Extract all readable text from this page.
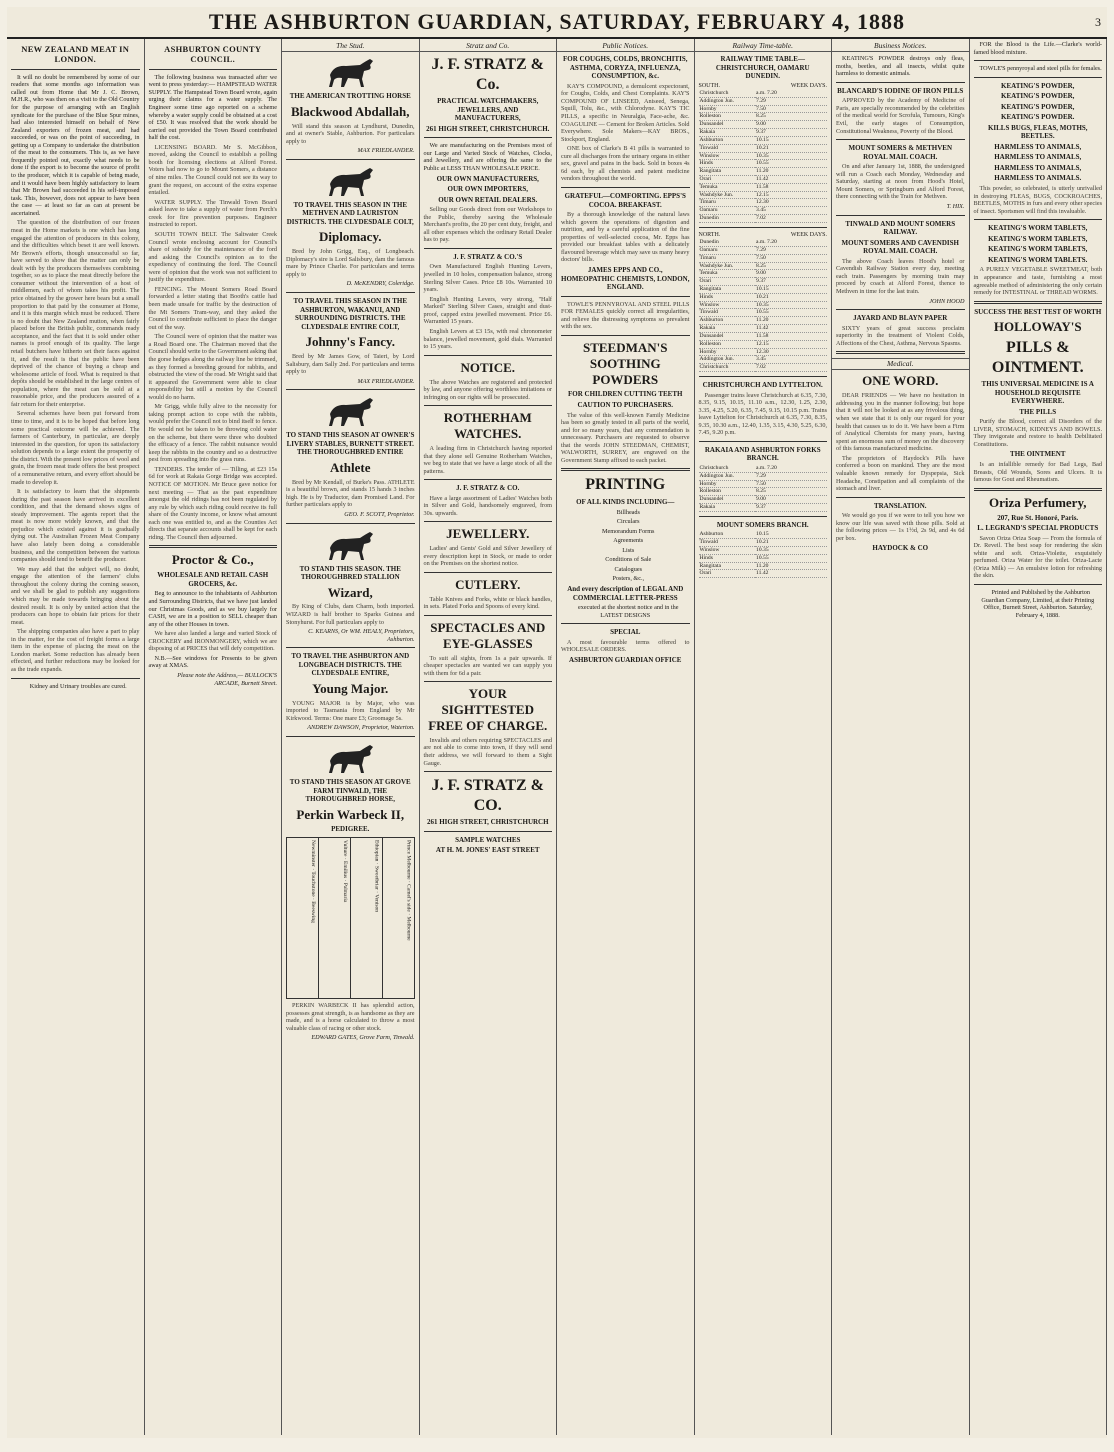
THE ASHBURTON GUARDIAN, SATURDAY, FEBRUARY 4, 1888	3
NEW ZEALAND MEAT IN LONDON.

It will no doubt be remembered by some of our readers that some months ago information was called out from Home that Mr J. C. Brown, M.H.R., who was then on a visit to the Old Country for the purpose of arranging with an English syndicate for the purchase of the Blue Spur mines, had also interested himself on behalf of New Zealand exporters of frozen meat, and had succeeded, or was on the point of succeeding, in getting up a Company to undertake the distribution of the meat to the consumers. This is, as we have frequently pointed out, exactly what needs to be done if the export is to become the source of profit to the producer, which it is capable of being made, and it would have been highly satisfactory to learn that Mr Brown had succeeded in his self-imposed task. This, however, does not appear to have been the case — at least so far as can at present be ascertained.

The question of the distribution of our frozen meat in the Home markets is one which has long engaged the attention of producers in this colony, and the difficulties which beset it are well known. Mr Brown's efforts, though unsuccessful so far, have served to show that the matter can only be dealt with by the producers themselves combining together, so as to place the meat directly before the consumer without the intervention of a host of middlemen, each of whom takes his profit. The price obtained by the grower here bears but a small proportion to that paid by the consumer at Home, and it is this margin which must be reduced. There is no doubt that New Zealand mutton, when fairly placed before the British public, commands ready acceptance, and the fact that it is sold under other names is proof enough of its quality. The large retail butchers have hitherto set their faces against it, and the result is that the public have been deprived of the chance of buying a cheap and wholesome article of food. What is required is that depôts should be established in the large centres of population, where the meat can be sold at a reasonable price, and the producers assured of a fair return for their enterprise.

Several schemes have been put forward from time to time, and it is to be hoped that before long some practical outcome will be achieved. The farmers of Canterbury, in particular, are deeply interested in the question, for upon its satisfactory solution depends to a large extent the prosperity of the district. With the present low prices of wool and grain, the frozen meat trade offers the best prospect of a remunerative return, and every effort should be made to develop it.

It is satisfactory to learn that the shipments during the past season have arrived in excellent condition, and that the demand shows signs of steady improvement. The agents report that the meat is now more widely known, and that the prejudice which existed against it is gradually dying out. The Australian Frozen Meat Company have also lately been doing a considerable business, and the competition between the various companies should tend to benefit the producer.

We may add that the subject will, no doubt, engage the attention of the farmers' clubs throughout the colony during the coming season, and we shall be glad to publish any suggestions which may be made towards bringing about the desired result. It is only by united action that the producers can hope to obtain fair prices for their meat.

The shipping companies also have a part to play in the matter, for the cost of freight forms a large item in the expense of placing the meat on the London market. Some reduction has already been effected, and further reductions may be looked for as the trade expands.

Kidney and Urinary troubles are cured.

ASHBURTON COUNTY COUNCIL.

The following business was transacted after we went to press yesterday:— HAMPSTEAD WATER SUPPLY. The Hampstead Town Board wrote, again urging their claims for a water supply. The Engineer some time ago reported on a scheme whereby a water supply could be obtained at a cost of £50. It was resolved that the work should be carried out provided the Town Board contributed half the cost.

LICENSING BOARD. Mr S. McGibbon, moved, asking the Council to establish a polling booth for licensing elections at Alford Forest. Voters had now to go to Mount Somers, a distance of nine miles. The Council could not see its way to grant the request, on account of the extra expense entailed.

WATER SUPPLY. The Tinwald Town Board asked leave to take a supply of water from Perch's creek for fire prevention purposes. Engineer instructed to report.

SOUTH TOWN BELT. The Saltwater Creek Council wrote enclosing account for Council's share of subsidy for the maintenance of the ford and asking the Council's opinion as to the expediency of continuing the ford. The Council were of opinion that the work was not sufficient to justify the expenditure.

FENCING. The Mount Somers Road Board forwarded a letter stating that Booth's cattle had been made unsafe for traffic by the destruction of the Mt Somers Tram-way, and they asked the Council to contribute sufficient to place the danger out of the way.

The Council were of opinion that the matter was a Road Board one. The Chairman moved that the Council should write to the Government asking that the gorse hedges along the railway line be trimmed, as they formed a breeding ground for rabbits, and obstructed the view of the road. Mr Wright said that it appeared the Government were able to clear responsibility but still a motion by the Council would do no harm.

Mr Grigg, while fully alive to the necessity for taking prompt action to cope with the rabbits, would prefer the Council not to bind itself to fence. He would not be taken to be throwing cold water on the scheme, but there were three who doubted the efficacy of a fence. The rabbit nuisance would keep the rabbits in the country and so a destructive pest from spreading into the grass runs.

TENDERS. The tender of — Tilling, at £23 15s 6d for work at Rakaia Gorge Bridge was accepted. NOTICE OF MOTION. Mr Bruce gave notice for next meeting — That as the past expenditure amongst the old ridings has not been regulated by any rule by which such riding could receive its full share of the County income, or know what amount each one was entitled to, and as the Counties Act directs that separate accounts shall be kept for each riding. The Council then adjourned.

Proctor & Co.,
WHOLESALE AND RETAIL CASH GROCERS, &c.

Beg to announce to the inhabitants of Ashburton and Surrounding Districts, that we have just landed our Christmas Goods, and as we buy largely for CASH, we are in a position to SELL cheaper than any of the other Houses in town.

We have also landed a large and varied Stock of CROCKERY and IRONMONGERY, which we are disposing of at PRICES that will defy competition.

N.B.—See windows for Presents to be given away at XMAS.

Please note the Address,— BULLOCK'S ARCADE, Burnett Street.

The Stud.
THE AMERICAN TROTTING HORSE
Blackwood Abdallah,

Will stand this season at Lyndhurst, Dunedin, and at owner's Stable, Ashburton. For particulars apply to

MAX FRIEDLANDER.

TO TRAVEL THIS SEASON IN THE METHVEN AND LAURISTON DISTRICTS. THE CLYDESDALE COLT,
Diplomacy.

Bred by John Grigg, Esq., of Longbeach. Diplomacy's sire is Lord Salisbury, dam the famous mare by Prince Charlie. For particulars and terms apply to

D. McKENDRY, Coleridge.

TO TRAVEL THIS SEASON IN THE ASHBURTON, WAKANUI, AND SURROUNDING DISTRICTS. THE CLYDESDALE ENTIRE COLT,
Johnny's Fancy.

Bred by Mr James Gow, of Taieri, by Lord Salisbury, dam Sally 2nd. For particulars and terms apply to

MAX FRIEDLANDER.

TO STAND THIS SEASON AT OWNER'S LIVERY STABLES, BURNETT STREET. THE THOROUGHBRED ENTIRE
Athlete

Bred by Mr Kendall, of Burke's Pass. ATHLETE is a beautiful brown, and stands 15 hands 3 inches high. He is by Traductor, dam Promised Land. For further particulars apply to

GEO. F. SCOTT, Proprietor.

TO STAND THIS SEASON. THE THOROUGHBRED STALLION
Wizard,

By King of Clubs, dam Charm, both imported. WIZARD is half brother to Sparks Guinea and Stonyhurst. For full particulars apply to

C. KEARNS, Or WM. HEALY, Proprietors, Ashburton.

TO TRAVEL THE ASHBURTON AND LONGBEACH DISTRICTS. THE CLYDESDALE ENTIRE,
Young Major.

YOUNG MAJOR is by Major, who was imported to Tasmania from England by Mr Kirkwood. Terms: One mare £3; Groomage 5s.

ANDREW DAWSON, Proprietor, Waterton.

TO STAND THIS SEASON AT GROVE FARM TINWALD, THE THOROUGHBRED HORSE,
Perkin Warbeck II,
PEDIGREE.
Newminster · Touchstone · Beeswing	Vulture · Emilius · Palmaria	Ethiopian · Sweetbriar · Venison	Prince Melbourne · Camel's side · Melbourne

PERKIN WARBECK II has splendid action, possesses great strength, is as handsome as they are made, and is a horse calculated to throw a most valuable class of racing or other stock.

EDWARD GATES, Grove Farm, Tinwald.

Stratz and Co.
J. F. STRATZ & Co.
PRACTICAL WATCHMAKERS, JEWELLERS, AND MANUFACTURERS,
261 HIGH STREET, CHRISTCHURCH.

We are manufacturing on the Premises most of our Large and Varied Stock of Watches, Clocks, and Jewellery, and are offering the same to the Public at LESS THAN WHOLESALE PRICE.

OUR OWN MANUFACTURERS,
OUR OWN IMPORTERS,
OUR OWN RETAIL DEALERS.

Selling our Goods direct from our Workshops to the Public, thereby saving the Wholesale Merchant's profits, the 20 per cent duty, freight, and all other expenses which the ordinary Retail Dealer has to pay.

J. F. STRATZ & CO.'S

Own Manufactured English Hunting Levers, jewelled in 10 holes, compensation balance, strong Sterling Silver Cases. Price £8 10s. Warranted 10 years.

English Hunting Levers, very strong, "Half Marked" Sterling Silver Cases, straight and dust-proof, capped extra jewelled movement. Price £6. Warranted 15 years.

English Levers at £3 15s, with real chronometer balance, jewelled movement, gold dials. Warranted to 15 years.

NOTICE.

The above Watches are registered and protected by law, and anyone offering worthless imitations or infringing on our rights will be prosecuted.

ROTHERHAM WATCHES.

A leading firm in Christchurch having reported that they alone sell Genuine Rotherham Watches, we beg to state that we have a large stock of all the patterns.

J. F. STRATZ & CO.

Have a large assortment of Ladies' Watches both in Silver and Gold, handsomely engraved, from 30s. upwards.

JEWELLERY.

Ladies' and Gents' Gold and Silver Jewellery of every description kept in Stock, or made to order on the Premises on the shortest notice.

CUTLERY.

Table Knives and Forks, white or black handles, in sets. Plated Forks and Spoons of every kind.

SPECTACLES AND EYE-GLASSES

To suit all sights, from 1s a pair upwards. If cheaper spectacles are wanted we can supply you with them for 6d a pair.

YOUR SIGHTTESTED FREE OF CHARGE.

Invalids and others requiring SPECTACLES and are not able to come into town, if they will send their address, we will forward to them a Sight Gauge.

J. F. STRATZ & CO.
261 HIGH STREET, CHRISTCHURCH
SAMPLE WATCHES
AT H. M. JONES' EAST STREET
Public Notices.
FOR COUGHS, COLDS, BRONCHITIS, ASTHMA, CORYZA, INFLUENZA, CONSUMPTION, &c.

KAY'S COMPOUND, a demulcent expectorant, for Coughs, Colds, and Chest Complaints. KAY'S COMPOUND OF LINSEED, Aniseed, Senega, Squill, Tolu, &c., with Chlorodyne. KAY'S TIC PILLS, a specific in Neuralgia, Face-ache, &c. COAGULINE — Cement for Broken Articles. Sold Everywhere. Sole Makers—KAY BROS., Stockport, England.

ONE box of Clarke's B 41 pills is warranted to cure all discharges from the urinary organs in either sex, gravel and pains in the back. Sold in boxes 4s 6d each, by all chemists and patent medicine vendors throughout the world.

GRATEFUL—COMFORTING. EPPS'S COCOA. BREAKFAST.

By a thorough knowledge of the natural laws which govern the operations of digestion and nutrition, and by a careful application of the fine properties of well-selected cocoa, Mr. Epps has provided our breakfast tables with a delicately flavoured beverage which may save us many heavy doctors' bills.

JAMES EPPS AND CO., HOMEOPATHIC CHEMISTS, LONDON, ENGLAND.

TOWLE'S PENNYROYAL AND STEEL PILLS FOR FEMALES quickly correct all irregularities, and relieve the distressing symptoms so prevalent with the sex.

STEEDMAN'S SOOTHING POWDERS
FOR CHILDREN CUTTING TEETH
CAUTION TO PURCHASERS.

The value of this well-known Family Medicine has been so greatly tested in all parts of the world, and for so many years, that any commendation is unnecessary. Purchasers are requested to observe that the words JOHN STEEDMAN, CHEMIST, WALWORTH, SURREY, are engraved on the Government Stamp affixed to each packet.

PRINTING
OF ALL KINDS INCLUDING—

Billheads

Circulars

Memorandum Forms

Agreements

Lists

Conditions of Sale

Catalogues

Posters, &c.,

And every description of LEGAL AND COMMERCIAL LETTER-PRESS

executed at the shortest notice and in the LATEST DESIGNS

SPECIAL

A most favourable terms offered to WHOLESALE ORDERS.

ASHBURTON GUARDIAN OFFICE
Railway Time-table.
RAILWAY TIME TABLE—CHRISTCHURCH, OAMARU DUNEDIN.
SOUTH.	WEEK DAYS.
Christchurch	a.m. 7.20
Addington Jun.	7.29
Hornby	7.50
Rolleston	8.25
Dunsandel	9.00
Rakaia	9.37
Ashburton	10.15
Tinwald	10.21
Winslow	10.35
Hinds	10.55
Rangitata	11.20
Orari	11.42
Temuka	11.58
Washdyke Jun.	12.15
Timaru	12.30
Oamaru	3.45
Dunedin	7.02
NORTH.	WEEK DAYS.
Dunedin	a.m. 7.20
Oamaru	7.29
Timaru	7.50
Washdyke Jun.	8.25
Temuka	9.00
Orari	9.37
Rangitata	10.15
Hinds	10.21
Winslow	10.35
Tinwald	10.55
Ashburton	11.20
Rakaia	11.42
Dunsandel	11.58
Rolleston	12.15
Hornby	12.30
Addington Jun.	3.45
Christchurch	7.02
CHRISTCHURCH AND LYTTELTON.

Passenger trains leave Christchurch at 6.35, 7.30, 8.35, 9.15, 10.15, 11.10 a.m., 12.30, 1.25, 2.30, 3.35, 4.25, 5.20, 6.35, 7.45, 9.15, 10.15 p.m. Trains leave Lyttelton for Christchurch at 6.35, 7.30, 8.35, 9.35, 10.30 a.m., 12.40, 1.35, 3.15, 4.30, 5.25, 6.30, 7.45, 9.20 p.m.

RAKAIA AND ASHBURTON FORKS BRANCH.
Christchurch	a.m. 7.20
Addington Jun.	7.29
Hornby	7.50
Rolleston	8.25
Dunsandel	9.00
Rakaia	9.37
MOUNT SOMERS BRANCH.
Ashburton	10.15
Tinwald	10.21
Winslow	10.35
Hinds	10.55
Rangitata	11.20
Orari	11.42
Business Notices.

KEATING'S POWDER destroys only fleas, moths, beetles, and all insects, whilst quite harmless to domestic animals.

BLANCARD'S IODINE OF IRON PILLS

APPROVED by the Academy of Medicine of Paris, are specially recommended by the celebrities of the medical world for Scrofula, Tumours, King's Evil, the early stages of Consumption, Constitutional Weakness, Poverty of the Blood.

MOUNT SOMERS & METHVEN ROYAL MAIL COACH.

On and after January 1st, 1888, the undersigned will run a Coach each Monday, Wednesday and Saturday, starting at noon from Hood's Hotel, Mount Somers, or Springburn and Alford Forest, there connecting with the Train for Methven.

T. HIX.

TINWALD AND MOUNT SOMERS RAILWAY.
MOUNT SOMERS AND CAVENDISH ROYAL MAIL COACH.

The above Coach leaves Hood's hotel or Cavendish Railway Station every day, meeting each train. Passengers by morning train may proceed by coach at Alford Forest, thence to Methven in time for the last train.

JOHN HOOD

JAYARD AND BLAYN PAPER

SIXTY years of great success proclaim superiority in the treatment of Violent Colds, Affections of the Chest, Asthma, Nervous Spasms.

Medical.
ONE WORD.

DEAR FRIENDS — We have no hesitation in addressing you in the manner following; but hope that it will not be looked at as any frivolous thing, when we state that it is only our regard for your health that causes us to do it. We have been a Firm of Analytical Chemists for many years, having spent an enormous sum of money on the discovery of this famous manufactured medicine.

The proprietors of Haydock's Pills have conferred a boon on mankind. They are the most valuable known remedy for Dyspepsia, Sick Headache, Constipation and all complaints of the stomach and liver.

TRANSLATION.

We would go you if we were to tell you how we know our life was saved with those pills. Sold at the following prices — 1s 1½d, 2s 9d, and 4s 6d per box.

HAYDOCK & CO

FOR the Blood is the Life.—Clarke's world-famed blood mixture.

TOWLE'S pennyroyal and steel pills for females.

KEATING'S POWDER,
KEATING'S POWDER,
KEATING'S POWDER,
KEATING'S POWDER.
KILLS BUGS, FLEAS, MOTHS, BEETLES.
HARMLESS TO ANIMALS,
HARMLESS TO ANIMALS,
HARMLESS TO ANIMALS,
HARMLESS TO ANIMALS.

This powder, so celebrated, is utterly unrivalled in destroying FLEAS, BUGS, COCKROACHES, BEETLES, MOTHS in furs and every other species of insect. Sportsmen will find this invaluable.

KEATING'S WORM TABLETS,
KEATING'S WORM TABLETS,
KEATING'S WORM TABLETS,
KEATING'S WORM TABLETS.

A PURELY VEGETABLE SWEETMEAT, both in appearance and taste, furnishing a most agreeable method of administering the only certain remedy for INTESTINAL or THREAD WORMS.

SUCCESS THE BEST TEST OF WORTH
HOLLOWAY'S
PILLS & OINTMENT.
THIS UNIVERSAL MEDICINE IS A HOUSEHOLD REQUISITE EVERYWHERE.
THE PILLS

Purify the Blood, correct all Disorders of the LIVER, STOMACH, KIDNEYS AND BOWELS. They invigorate and restore to health Debilitated Constitutions.

THE OINTMENT

Is an infallible remedy for Bad Legs, Bad Breasts, Old Wounds, Sores and Ulcers. It is famous for Gout and Rheumatism.

Oriza Perfumery,
207, Rue St. Honoré, Paris.
L. LEGRAND'S SPECIAL PRODUCTS

Savon Oriza Oriza Soap — From the formula of Dr. Reveil. The best soap for rendering the skin white and soft. Oriza-Violette, exquisitely perfumed. Oriza Water for the toilet. Oriza-Lacte (Oriza Milk) — An emulsive lotion for refreshing the skin.

Printed and Published by the Ashburton Guardian Company, Limited, at their Printing Office, Burnett Street, Ashburton. Saturday, February 4, 1888.
